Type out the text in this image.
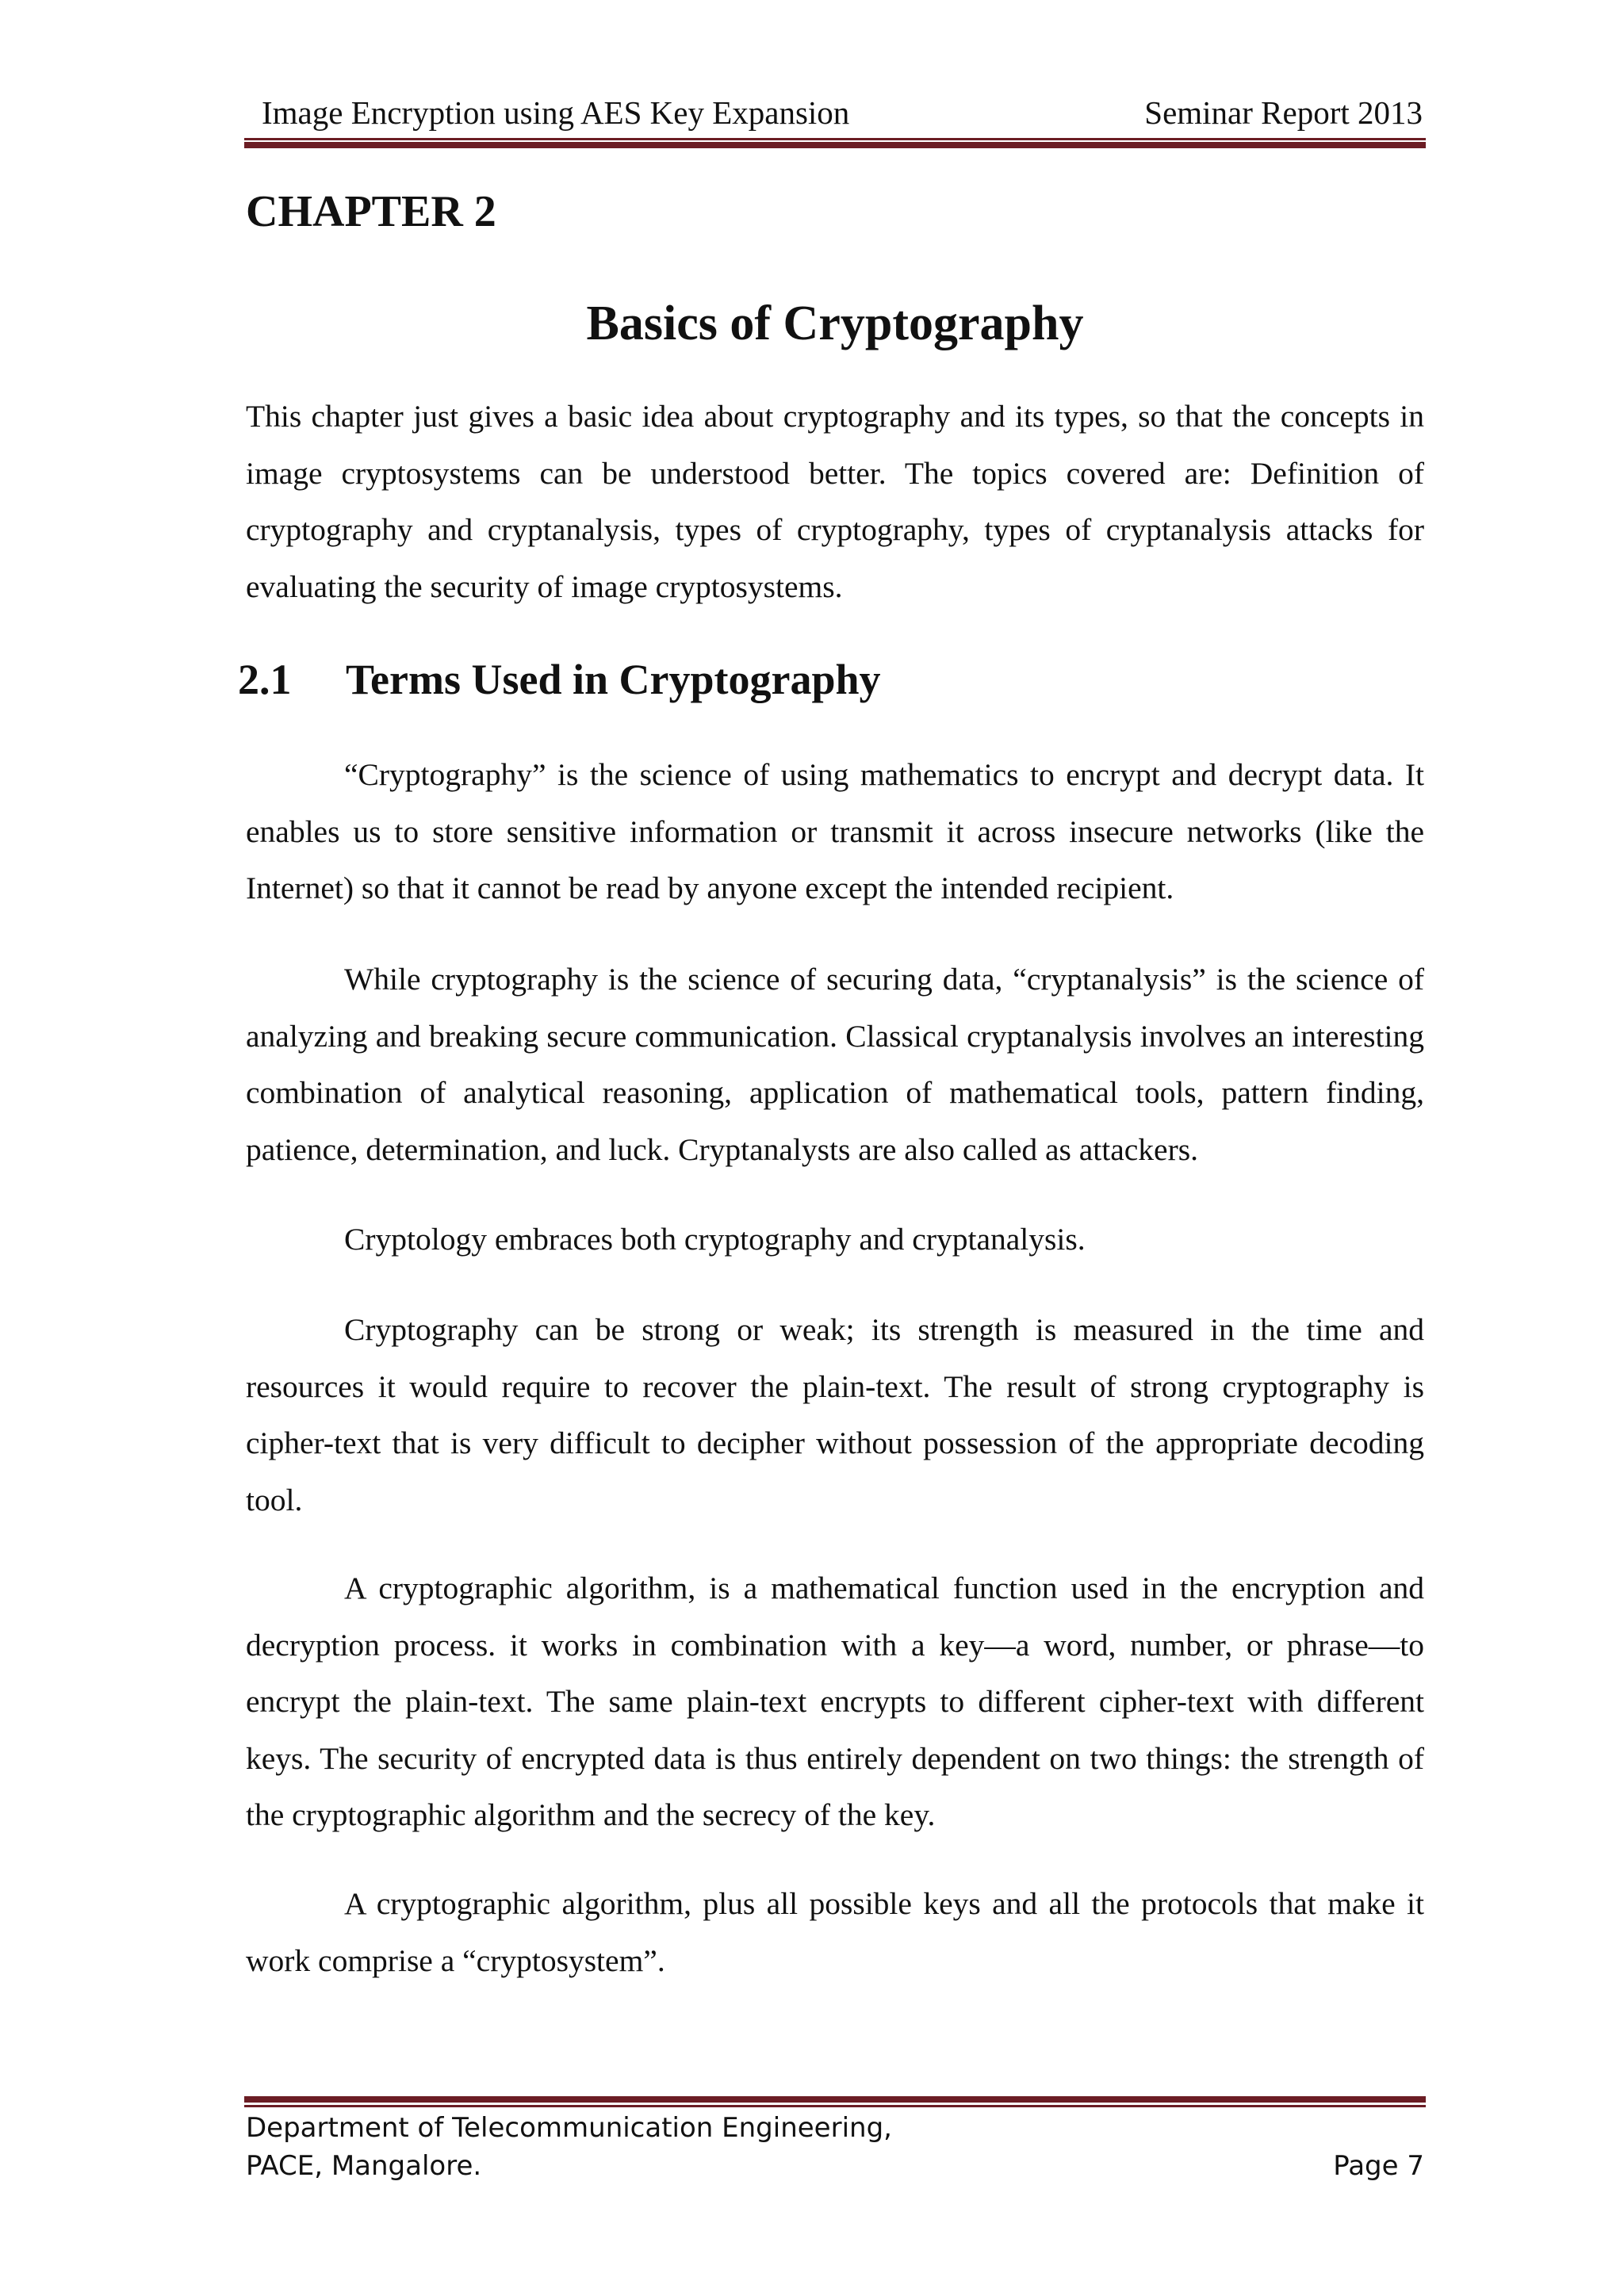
Image Encryption using AES Key Expansion	Seminar Report 2013
CHAPTER 2
Basics of Cryptography

This chapter just gives a basic idea about cryptography and its types, so that the concepts in image cryptosystems can be understood better. The topics covered are: Definition of cryptography and cryptanalysis, types of cryptography, types of cryptanalysis attacks for evaluating the security of image cryptosystems.

2.1 Terms Used in Cryptography

“Cryptography” is the science of using mathematics to encrypt and decrypt data. It enables us to store sensitive information or transmit it across insecure networks (like the Internet) so that it cannot be read by anyone except the intended recipient.

While cryptography is the science of securing data, “cryptanalysis” is the science of analyzing and breaking secure communication. Classical cryptanalysis involves an interesting combination of analytical reasoning, application of mathematical tools, pattern finding, patience, determination, and luck. Cryptanalysts are also called as attackers.

Cryptology embraces both cryptography and cryptanalysis.

Cryptography can be strong or weak; its strength is measured in the time and resources it would require to recover the plain-text. The result of strong cryptography is cipher-text that is very difficult to decipher without possession of the appropriate decoding tool.

A cryptographic algorithm, is a mathematical function used in the encryption and decryption process. it works in combination with a key—a word, number, or phrase—to encrypt the plain-text. The same plain-text encrypts to different cipher-text with different keys. The security of encrypted data is thus entirely dependent on two things: the strength of the cryptographic algorithm and the secrecy of the key.

A cryptographic algorithm, plus all possible keys and all the protocols that make it work comprise a “cryptosystem”.

Department of Telecommunication Engineering,
PACE, Mangalore.	Page 7
